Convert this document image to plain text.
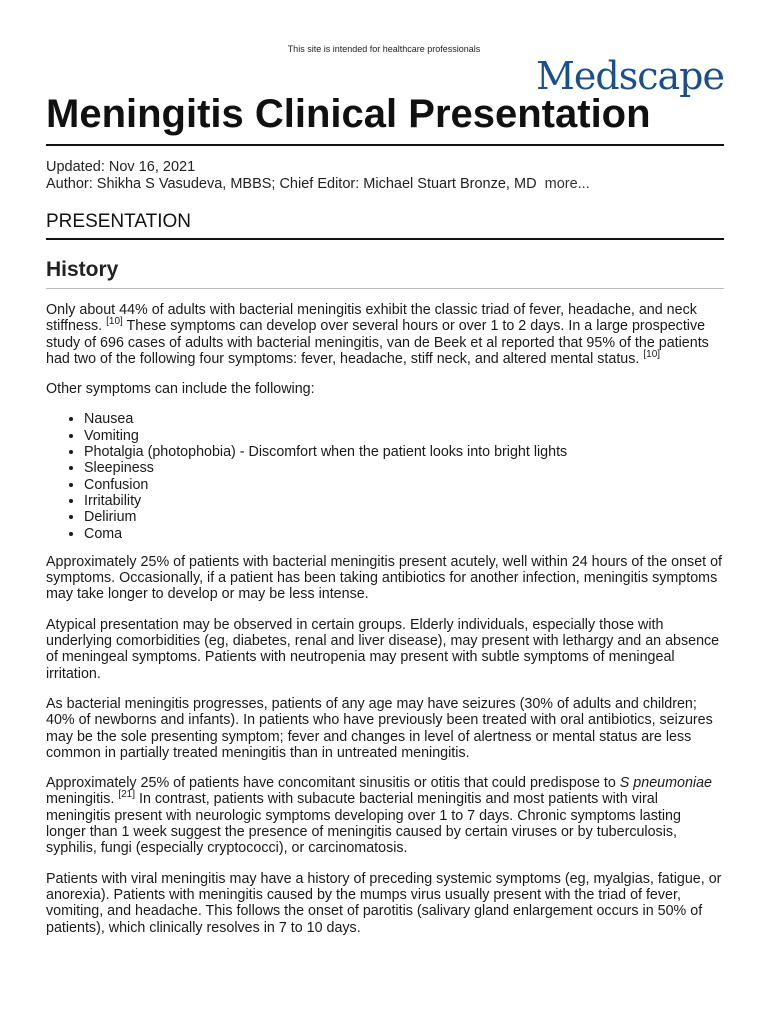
This site is intended for healthcare professionals
Medscape
Meningitis Clinical Presentation
Updated: Nov 16, 2021
Author: Shikha S Vasudeva, MBBS; Chief Editor: Michael Stuart Bronze, MD more...
PRESENTATION
History

Only about 44% of adults with bacterial meningitis exhibit the classic triad of fever, headache, and neck stiffness. [10] These symptoms can develop over several hours or over 1 to 2 days. In a large prospective study of 696 cases of adults with bacterial meningitis, van de Beek et al reported that 95% of the patients had two of the following four symptoms: fever, headache, stiff neck, and altered mental status. [10]

Other symptoms can include the following:

• Nausea
• Vomiting
• Photalgia (photophobia) - Discomfort when the patient looks into bright lights
• Sleepiness
• Confusion
• Irritability
• Delirium
• Coma

Approximately 25% of patients with bacterial meningitis present acutely, well within 24 hours of the onset of symptoms. Occasionally, if a patient has been taking antibiotics for another infection, meningitis symptoms may take longer to develop or may be less intense.

Atypical presentation may be observed in certain groups. Elderly individuals, especially those with underlying comorbidities (eg, diabetes, renal and liver disease), may present with lethargy and an absence of meningeal symptoms. Patients with neutropenia may present with subtle symptoms of meningeal irritation.

As bacterial meningitis progresses, patients of any age may have seizures (30% of adults and children; 40% of newborns and infants). In patients who have previously been treated with oral antibiotics, seizures may be the sole presenting symptom; fever and changes in level of alertness or mental status are less common in partially treated meningitis than in untreated meningitis.

Approximately 25% of patients have concomitant sinusitis or otitis that could predispose to S pneumoniae meningitis. [21] In contrast, patients with subacute bacterial meningitis and most patients with viral meningitis present with neurologic symptoms developing over 1 to 7 days. Chronic symptoms lasting longer than 1 week suggest the presence of meningitis caused by certain viruses or by tuberculosis, syphilis, fungi (especially cryptococci), or carcinomatosis.

Patients with viral meningitis may have a history of preceding systemic symptoms (eg, myalgias, fatigue, or anorexia). Patients with meningitis caused by the mumps virus usually present with the triad of fever, vomiting, and headache. This follows the onset of parotitis (salivary gland enlargement occurs in 50% of patients), which clinically resolves in 7 to 10 days.
